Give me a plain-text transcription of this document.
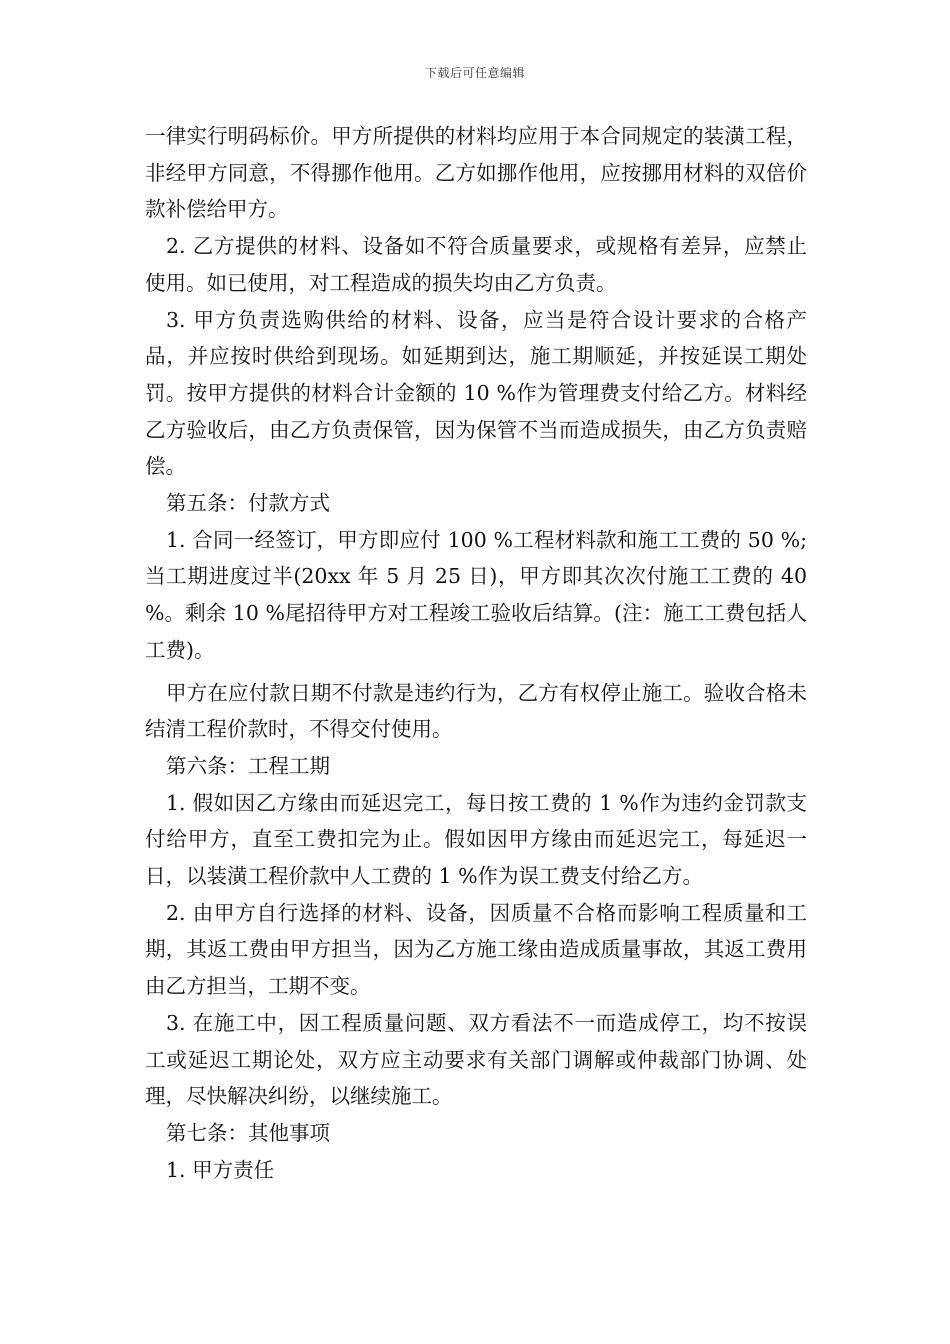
下载后可任意编辑

一律实行明码标价。甲方所提供的材料均应用于本合同规定的装潢工程，非经甲方同意，不得挪作他用。乙方如挪作他用，应按挪用材料的双倍价款补偿给甲方。

2. 乙方提供的材料、设备如不符合质量要求，或规格有差异，应禁止使用。如已使用，对工程造成的损失均由乙方负责。

3. 甲方负责选购供给的材料、设备，应当是符合设计要求的合格产品，并应按时供给到现场。如延期到达，施工期顺延，并按延误工期处罚。按甲方提供的材料合计金额的 10 %作为管理费支付给乙方。材料经乙方验收后，由乙方负责保管，因为保管不当而造成损失，由乙方负责赔偿。

第五条：付款方式

1. 合同一经签订，甲方即应付 100 %工程材料款和施工工费的 50 %;当工期进度过半(20xx 年 5 月 25 日)，甲方即其次次付施工工费的 40 %。剩余 10 %尾招待甲方对工程竣工验收后结算。(注：施工工费包括人工费)。

甲方在应付款日期不付款是违约行为，乙方有权停止施工。验收合格未结清工程价款时，不得交付使用。

第六条：工程工期

1. 假如因乙方缘由而延迟完工，每日按工费的 1 %作为违约金罚款支付给甲方，直至工费扣完为止。假如因甲方缘由而延迟完工，每延迟一日，以装潢工程价款中人工费的 1 %作为误工费支付给乙方。

2. 由甲方自行选择的材料、设备，因质量不合格而影响工程质量和工期，其返工费由甲方担当，因为乙方施工缘由造成质量事故，其返工费用由乙方担当，工期不变。

3. 在施工中，因工程质量问题、双方看法不一而造成停工，均不按误工或延迟工期论处，双方应主动要求有关部门调解或仲裁部门协调、处理，尽快解决纠纷，以继续施工。

第七条：其他事项

1. 甲方责任
